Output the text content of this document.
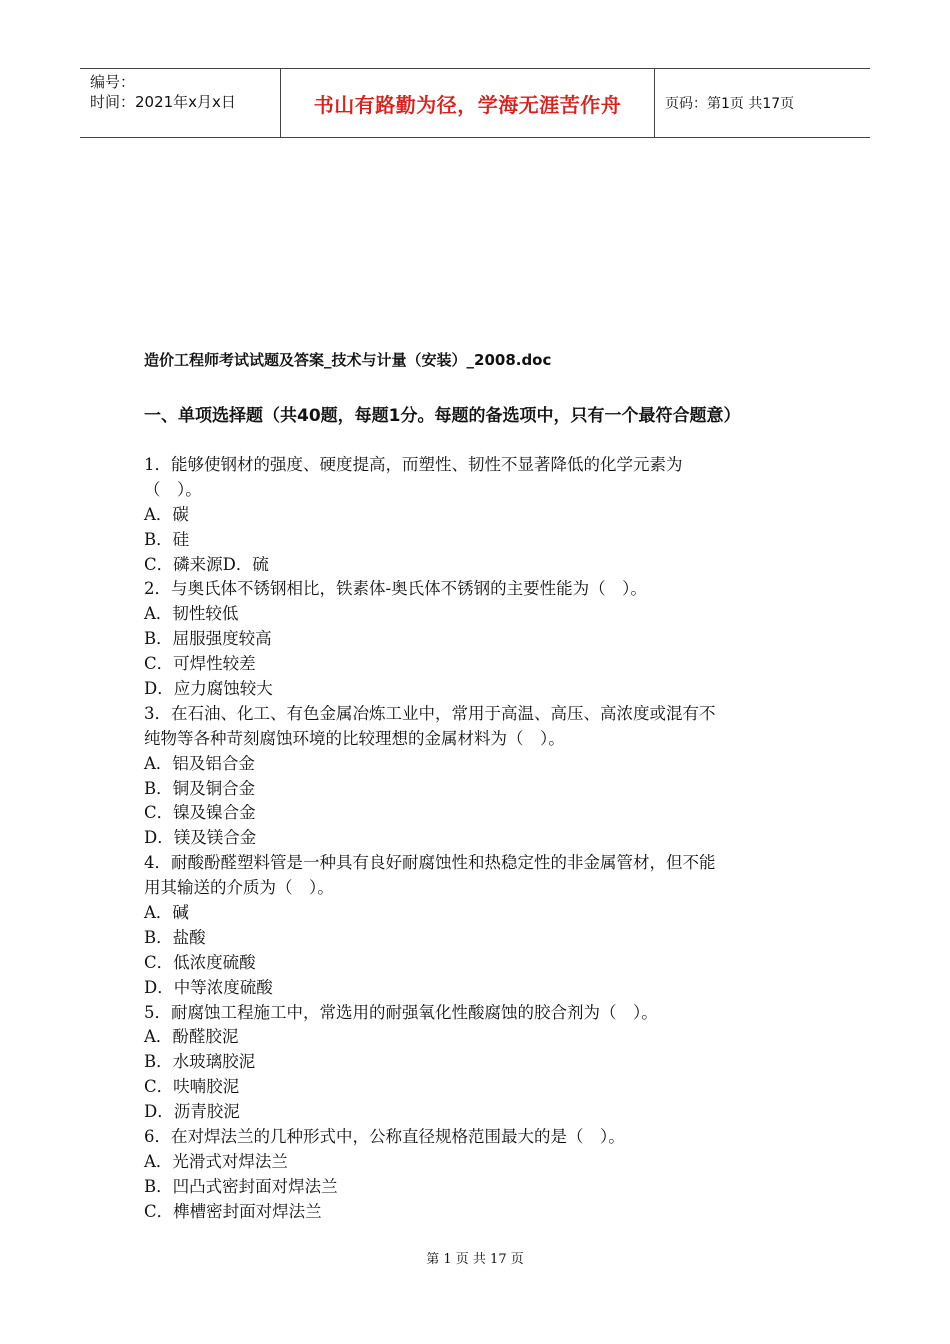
编号：
时间：2021年x月x日	书山有路勤为径，学海无涯苦作舟	页码：第1页 共17页
造价工程师考试试题及答案_技术与计量（安装）_2008.doc
一、单项选择题（共40题，每题1分。每题的备选项中，只有一个最符合题意）
1．能够使钢材的强度、硬度提高，而塑性、韧性不显著降低的化学元素为
（　）。
A．碳
B．硅
C．磷来源D．硫
2．与奥氏体不锈钢相比，铁素体-奥氏体不锈钢的主要性能为（　）。
A．韧性较低
B．屈服强度较高
C．可焊性较差
D．应力腐蚀较大
3．在石油、化工、有色金属冶炼工业中，常用于高温、高压、高浓度或混有不
纯物等各种苛刻腐蚀环境的比较理想的金属材料为（　）。
A．铝及铝合金
B．铜及铜合金
C．镍及镍合金
D．镁及镁合金
4．耐酸酚醛塑料管是一种具有良好耐腐蚀性和热稳定性的非金属管材，但不能
用其输送的介质为（　）。
A．碱
B．盐酸
C．低浓度硫酸
D．中等浓度硫酸
5．耐腐蚀工程施工中，常选用的耐强氧化性酸腐蚀的胶合剂为（　）。
A．酚醛胶泥
B．水玻璃胶泥
C．呋喃胶泥
D．沥青胶泥
6．在对焊法兰的几种形式中，公称直径规格范围最大的是（　）。
A．光滑式对焊法兰
B．凹凸式密封面对焊法兰
C．榫槽密封面对焊法兰
第 1 页 共 17 页
